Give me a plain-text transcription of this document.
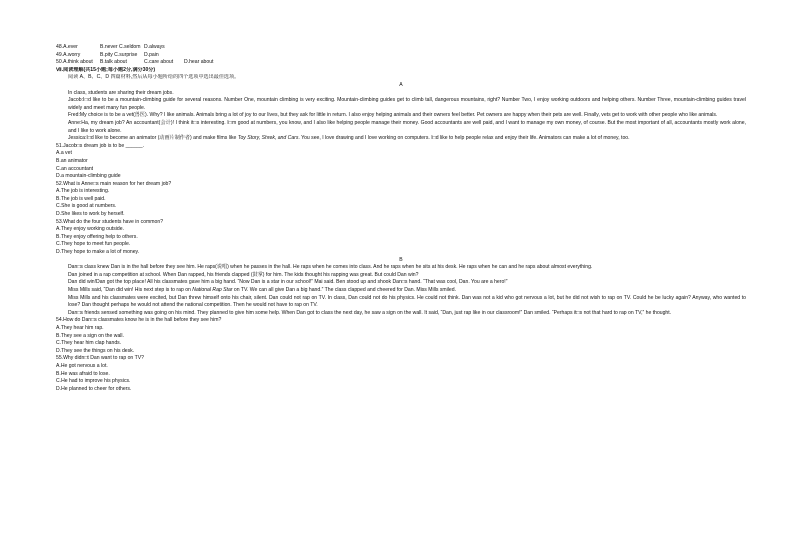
48.A.ever	B.never C.seldom D.always
49.A.worry	B.pity C.surprise D.pain
50.A.think about B.talk about	C.care about D.hear about
Ⅶ.阅读理解(共15小题;每小题2分,满分30分)
阅读 A、B、C、D 四篇材料,然后从每小题所给的四个选项中选出最佳选项。
A
In class, students are sharing their dream jobs.
Jacob:I□d like to be a mountain-climbing guide for several reasons. Number One, mountain climbing is very exciting. Mountain-climbing guides get to climb tall, dangerous mountains, right? Number Two, I enjoy working outdoors and helping others. Number Three, mountain-climbing guides travel widely and meet many fun people.
Fred:My choice is to be a vet(兽医). Why? I like animals. Animals bring a lot of joy to our lives, but they ask for little in return. I also enjoy helping animals and their owners feel better. Pet owners are happy when their pets are well. Finally, vets get to work with other people who like animals.
Anne:Ha, my dream job? An accountant(会计)! I think it□s interesting. I□m good at numbers, you know, and I also like helping people manage their money. Good accountants are well paid, and I want to manage my own money, of course. But the most important of all, accountants mostly work alone, and I like to work alone.
Jessica:I□d like to become an animator (动画片制作者) and make films like Toy Story, Shrek, and Cars. You see, I love drawing and I love working on computers. I□d like to help people relax and enjoy their life. Animators can make a lot of money, too.
51.Jacob□s dream job is to be ______.
A.a vet
B.an animator
C.an accountant
D.a mountain-climbing guide
52.What is Anne□s main reason for her dream job?
A.The job is interesting.
B.The job is well paid.
C.She is good at numbers.
D.She likes to work by herself.
53.What do the four students have in common?
A.They enjoy working outside.
B.They enjoy offering help to others.
C.They hope to meet fun people.
D.They hope to make a lot of money.
B
Dan□s class knew Dan is in the hall before they see him. He raps(说唱) when he passes in the hall. He raps when he comes into class. And he raps when he sits at his desk. He raps when he can and he raps about almost everything.
Dan joined in a rap competition at school. When Dan rapped, his friends clapped (鼓掌) for him. The kids thought his rapping was great. But could Dan win?
Dan did win!Dan got the top place! All his classmates gave him a big hand. “Now Dan is a star in our school!” Mai said. Ben stood up and shook Dan□s hand. “That was cool, Dan. You are a hero!”
Miss Mills said, “Dan did win! His next step is to rap on National Rap Star on TV. We can all give Dan a big hand.” The class clapped and cheered for Dan. Miss Mills smiled.
Miss Mills and his classmates were excited, but Dan threw himself onto his chair, silent. Dan could not rap on TV. In class, Dan could not do his physics. He could not think. Dan was not a kid who got nervous a lot, but he did not wish to rap on TV. Could he be lucky again? Anyway, who wanted to lose? Dan thought perhaps he would not attend the national competition. Then he would not have to rap on TV.
Dan□s friends sensed something was going on his mind. They planned to give him some help. When Dan got to class the next day, he saw a sign on the wall. It said, “Dan, just rap like in our classroom!” Dan smiled. “Perhaps it□s not that hard to rap on TV,” he thought.
54.How do Dan□s classmates know he is in the hall before they see him?
A.They hear him rap.
B.They see a sign on the wall.
C.They hear him clap hands.
D.They see the things on his desk.
55.Why didn□t Dan want to rap on TV?
A.He got nervous a lot.
B.He was afraid to lose.
C.He had to improve his physics.
D.He planned to cheer for others.
